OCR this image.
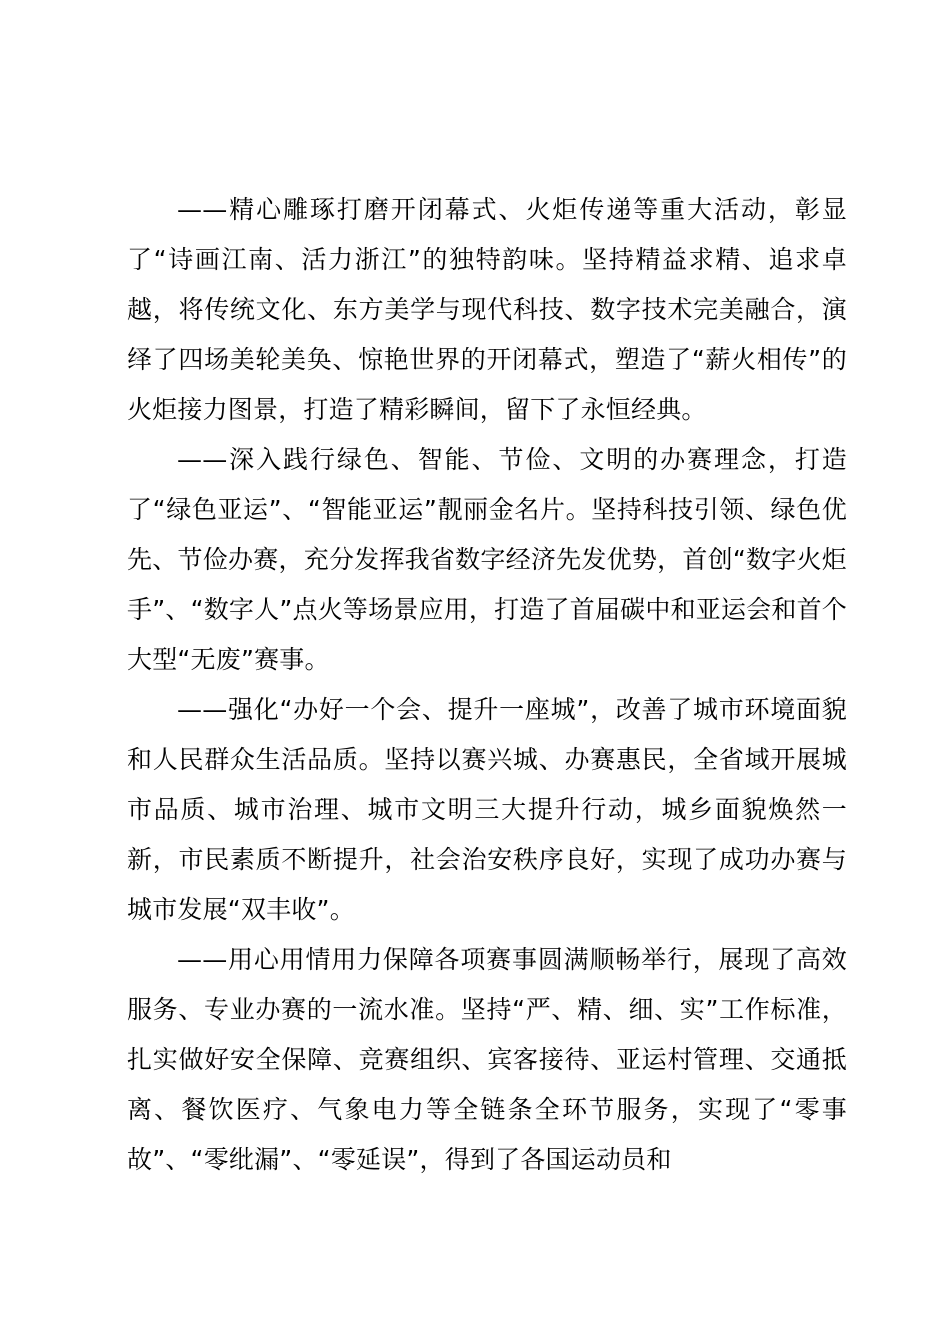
——精心雕琢打磨开闭幕式、火炬传递等重大活动，彰显了“诗画江南、活力浙江”的独特韵味。坚持精益求精、追求卓越，将传统文化、东方美学与现代科技、数字技术完美融合，演绎了四场美轮美奂、惊艳世界的开闭幕式，塑造了“薪火相传”的火炬接力图景，打造了精彩瞬间，留下了永恒经典。

——深入践行绿色、智能、节俭、文明的办赛理念，打造了“绿色亚运”、“智能亚运”靓丽金名片。坚持科技引领、绿色优先、节俭办赛，充分发挥我省数字经济先发优势，首创“数字火炬手”、“数字人”点火等场景应用，打造了首届碳中和亚运会和首个大型“无废”赛事。

——强化“办好一个会、提升一座城”，改善了城市环境面貌和人民群众生活品质。坚持以赛兴城、办赛惠民，全省域开展城市品质、城市治理、城市文明三大提升行动，城乡面貌焕然一新，市民素质不断提升，社会治安秩序良好，实现了成功办赛与城市发展“双丰收”。

——用心用情用力保障各项赛事圆满顺畅举行，展现了高效服务、专业办赛的一流水准。坚持“严、精、细、实”工作标准，扎实做好安全保障、竞赛组织、宾客接待、亚运村管理、交通抵离、餐饮医疗、气象电力等全链条全环节服务，实现了“零事故”、“零纰漏”、“零延误”，得到了各国运动员和
